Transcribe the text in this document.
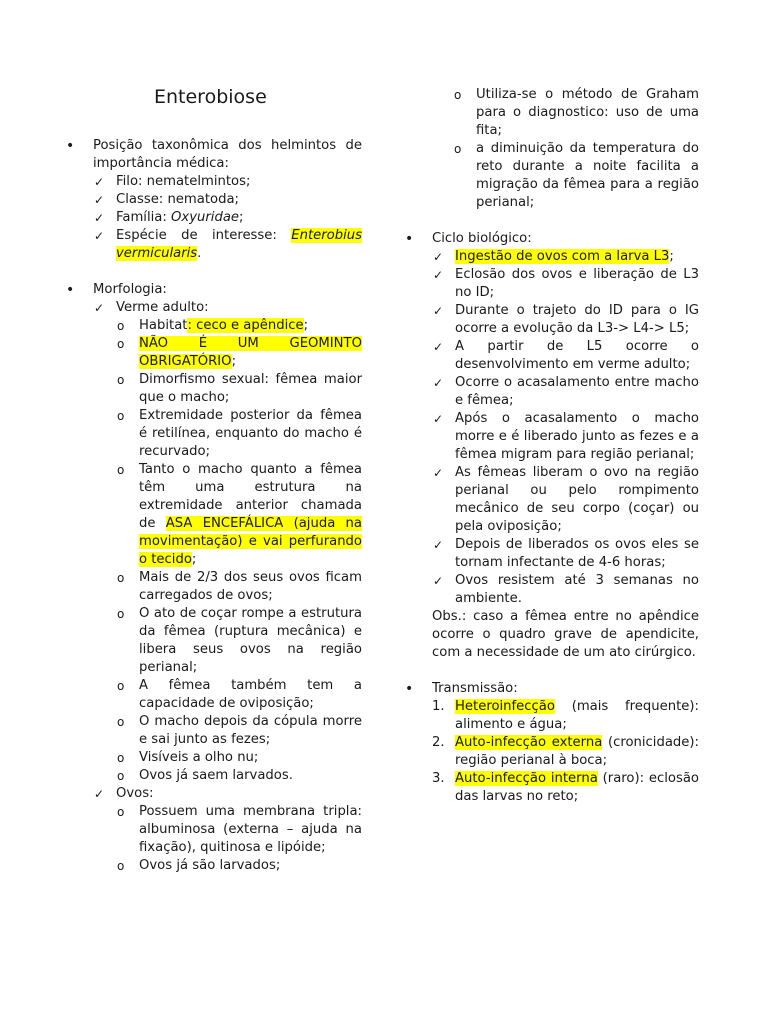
Enterobiose
• Posição taxonômica dos helmintos de importância médica:
✓ Filo: nematelmintos;
✓ Classe: nematoda;
✓ Família: Oxyuridae;
✓ Espécie de interesse: Enterobius vermicularis.
• Morfologia:
✓ Verme adulto:
o Habitat: ceco e apêndice;
o NÃO É UM GEOMINTO OBRIGATÓRIO;
o Dimorfismo sexual: fêmea maior que o macho;
o Extremidade posterior da fêmea é retilínea, enquanto do macho é recurvado;
o Tanto o macho quanto a fêmea têm uma estrutura na extremidade anterior chamada de ASA ENCEFÁLICA (ajuda na movimentação) e vai perfurando o tecido;
o Mais de 2/3 dos seus ovos ficam carregados de ovos;
o O ato de coçar rompe a estrutura da fêmea (ruptura mecânica) e libera seus ovos na região perianal;
o A fêmea também tem a capacidade de oviposição;
o O macho depois da cópula morre e sai junto as fezes;
o Visíveis a olho nu;
o Ovos já saem larvados.
✓ Ovos:
o Possuem uma membrana tripla: albuminosa (externa – ajuda na fixação), quitinosa e lipóide;
o Ovos já são larvados;
o Utiliza-se o método de Graham para o diagnostico: uso de uma fita;
o a diminuição da temperatura do reto durante a noite facilita a migração da fêmea para a região perianal;
• Ciclo biológico:
✓ Ingestão de ovos com a larva L3;
✓ Eclosão dos ovos e liberação de L3 no ID;
✓ Durante o trajeto do ID para o IG ocorre a evolução da L3-> L4-> L5;
✓ A partir de L5 ocorre o desenvolvimento em verme adulto;
✓ Ocorre o acasalamento entre macho e fêmea;
✓ Após o acasalamento o macho morre e é liberado junto as fezes e a fêmea migram para região perianal;
✓ As fêmeas liberam o ovo na região perianal ou pelo rompimento mecânico de seu corpo (coçar) ou pela oviposição;
✓ Depois de liberados os ovos eles se tornam infectante de 4-6 horas;
✓ Ovos resistem até 3 semanas no ambiente.
Obs.: caso a fêmea entre no apêndice ocorre o quadro grave de apendicite, com a necessidade de um ato cirúrgico.
• Transmissão:
1. Heteroinfecção (mais frequente): alimento e água;
2. Auto-infecção externa (cronicidade): região perianal à boca;
3. Auto-infecção interna (raro): eclosão das larvas no reto;
